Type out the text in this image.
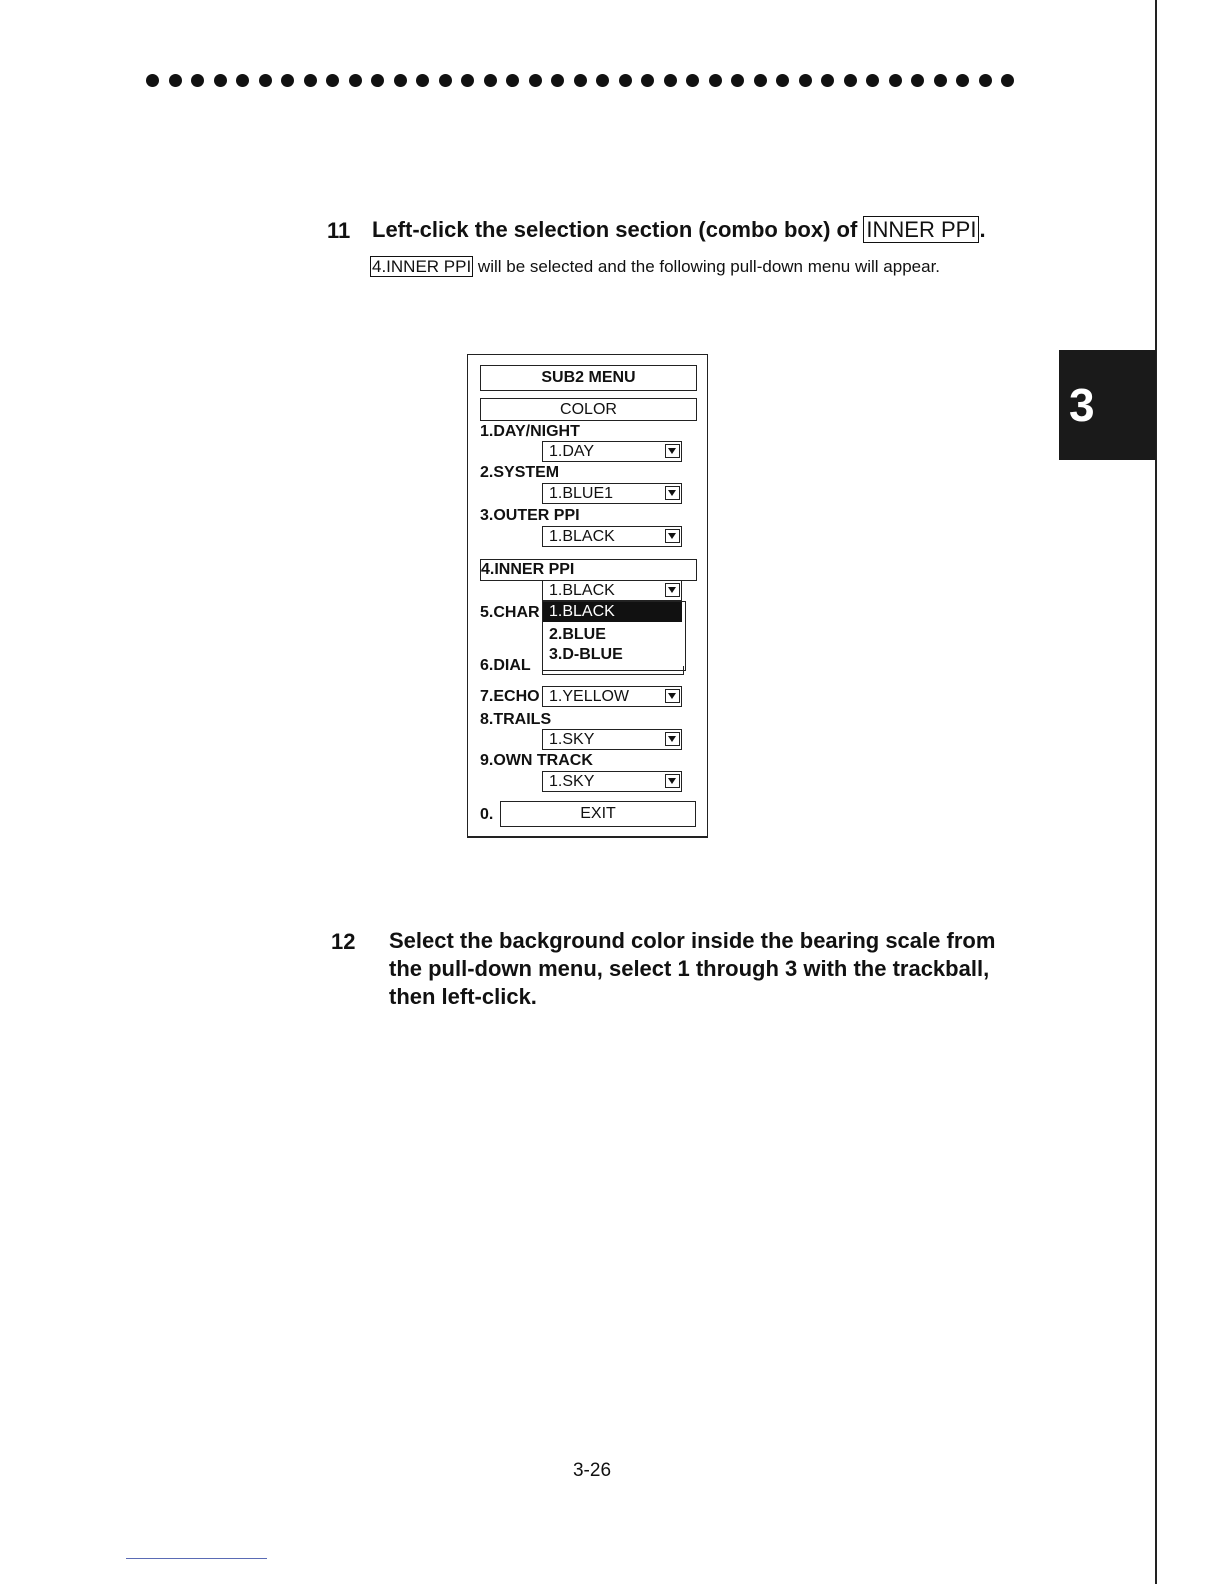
3
11 Left-click the selection section (combo box) of INNER PPI .
4.INNER PPI will be selected and the following pull-down menu will appear.
SUB2 MENU
COLOR
1.DAY/NIGHT
1.DAY
2.SYSTEM
1.BLUE1
3.OUTER PPI
1.BLACK
4.INNER PPI
1.BLACK
5.CHAR 1.BLACK
2.BLUE
3.D-BLUE
6.DIAL
7.ECHO 1.YELLOW
8.TRAILS
1.SKY
9.OWN TRACK
1.SKY
0.	EXIT
12 Select the background color inside the bearing scale from
the pull-down menu, select 1 through 3 with the trackball,
then left-click.
3-26
